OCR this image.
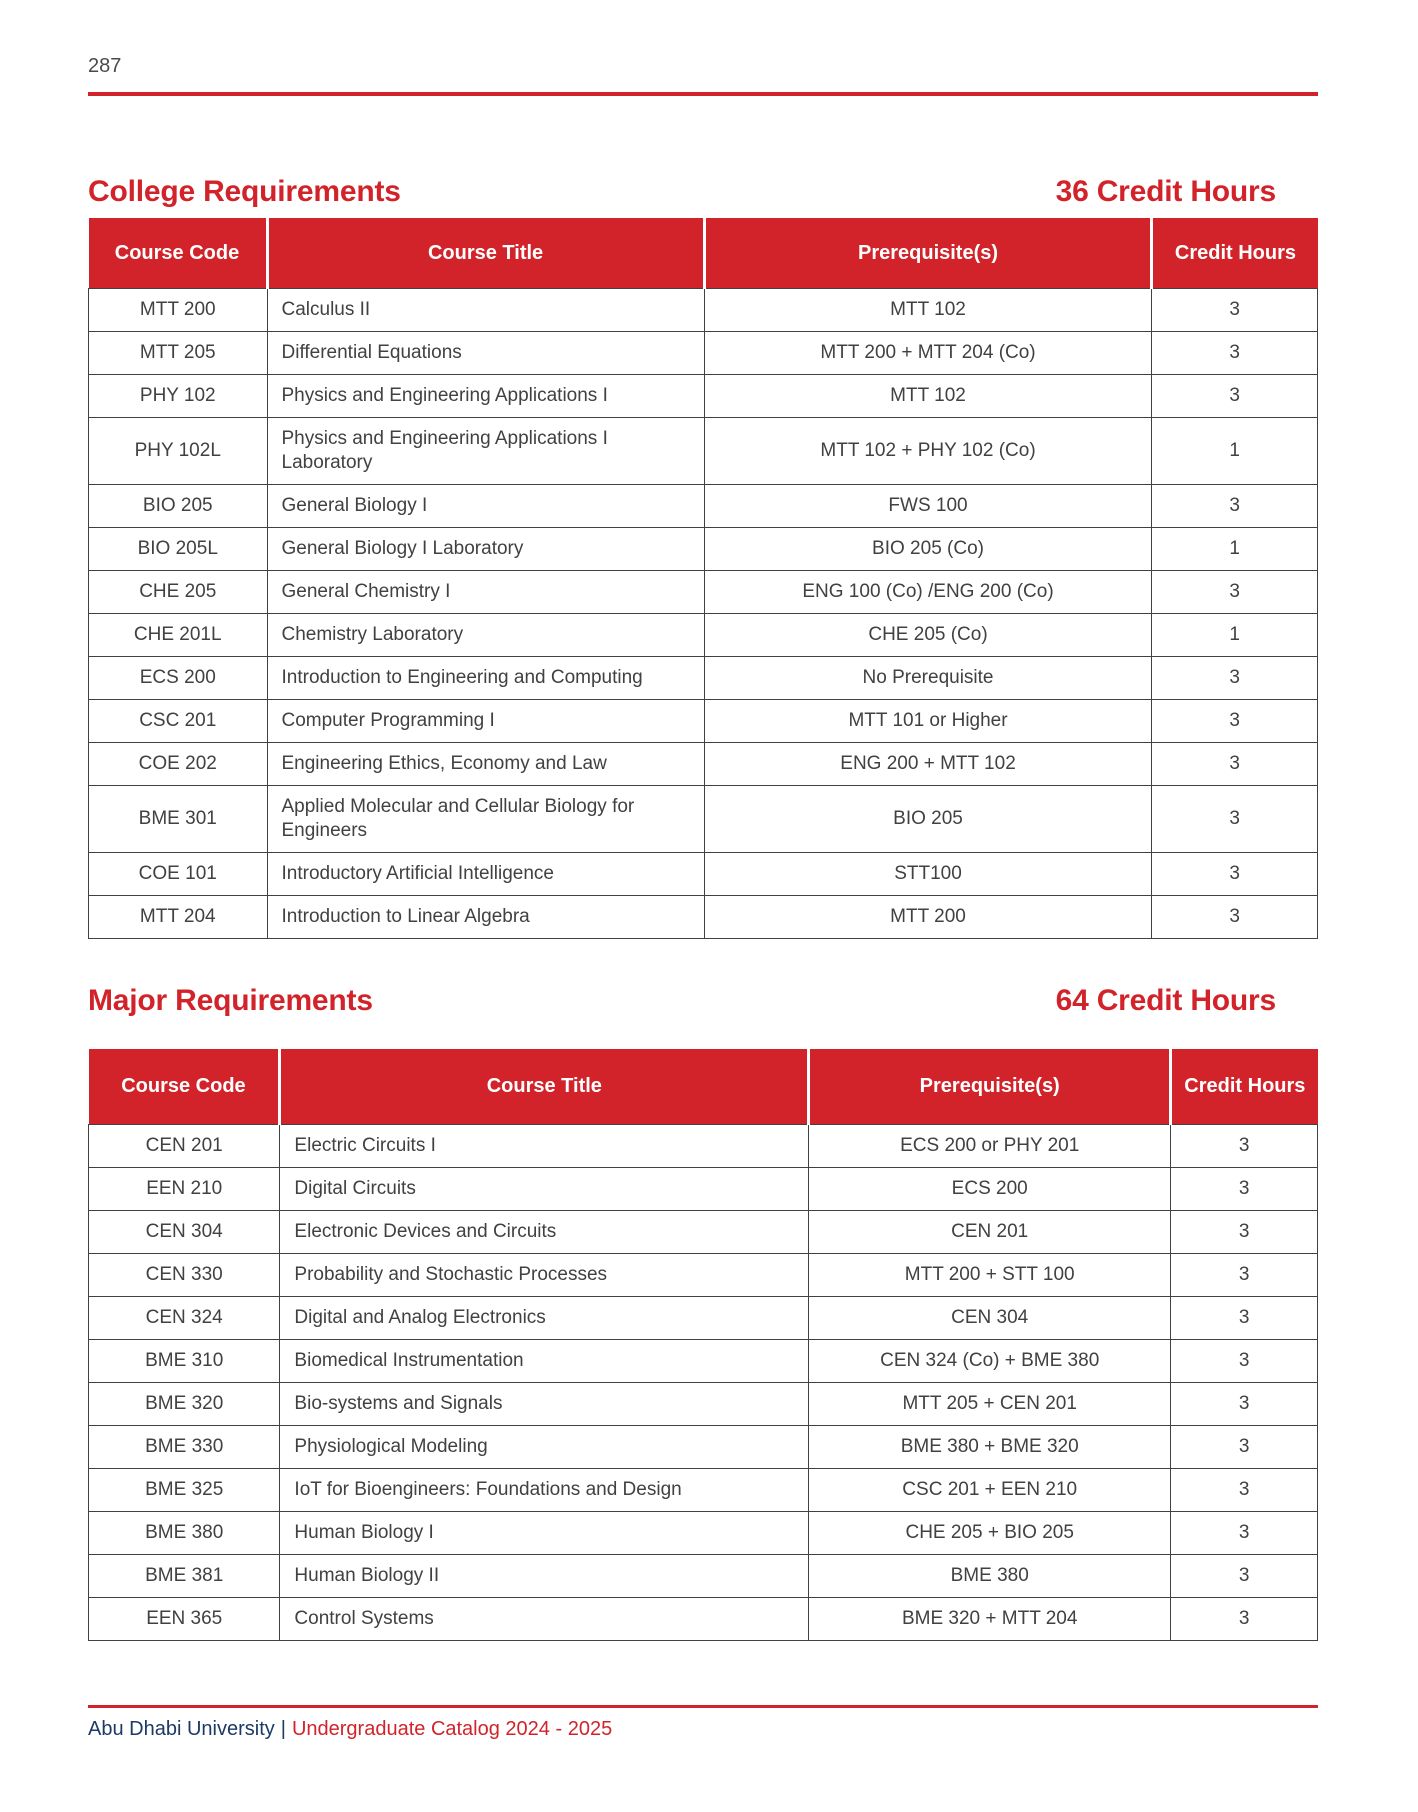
287
College Requirements	36 Credit Hours
Course Code	Course Title	Prerequisite(s)	Credit Hours
MTT 200	Calculus II	MTT 102	3
MTT 205	Differential Equations	MTT 200 + MTT 204 (Co)	3
PHY 102	Physics and Engineering Applications I	MTT 102	3
PHY 102L	Physics and Engineering Applications I Laboratory	MTT 102 + PHY 102 (Co)	1
BIO 205	General Biology I	FWS 100	3
BIO 205L	General Biology I Laboratory	BIO 205 (Co)	1
CHE 205	General Chemistry I	ENG 100 (Co) /ENG 200 (Co)	3
CHE 201L	Chemistry Laboratory	CHE 205 (Co)	1
ECS 200	Introduction to Engineering and Computing	No Prerequisite	3
CSC 201	Computer Programming I	MTT 101 or Higher	3
COE 202	Engineering Ethics, Economy and Law	ENG 200 + MTT 102	3
BME 301	Applied Molecular and Cellular Biology for Engineers	BIO 205	3
COE 101	Introductory Artificial Intelligence	STT100	3
MTT 204	Introduction to Linear Algebra	MTT 200	3
Major Requirements	64 Credit Hours
Course Code	Course Title	Prerequisite(s)	Credit Hours
CEN 201	Electric Circuits I	ECS 200 or PHY 201	3
EEN 210	Digital Circuits	ECS 200	3
CEN 304	Electronic Devices and Circuits	CEN 201	3
CEN 330	Probability and Stochastic Processes	MTT 200 + STT 100	3
CEN 324	Digital and Analog Electronics	CEN 304	3
BME 310	Biomedical Instrumentation	CEN 324 (Co) + BME 380	3
BME 320	Bio-systems and Signals	MTT 205 + CEN 201	3
BME 330	Physiological Modeling	BME 380 + BME 320	3
BME 325	IoT for Bioengineers: Foundations and Design	CSC 201 + EEN 210	3
BME 380	Human Biology I	CHE 205 + BIO 205	3
BME 381	Human Biology II	BME 380	3
EEN 365	Control Systems	BME 320 + MTT 204	3
Abu Dhabi University | Undergraduate Catalog 2024 - 2025
